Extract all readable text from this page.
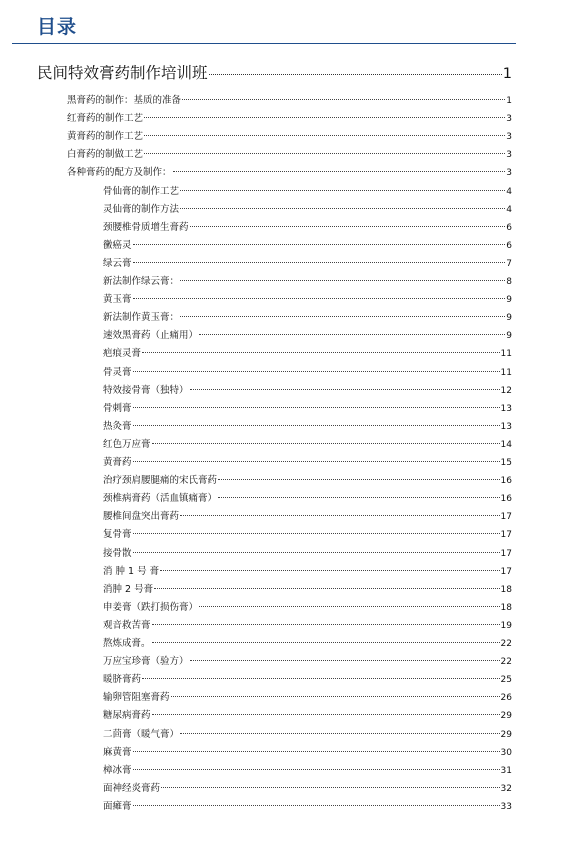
目录
民间特效膏药制作培训班	1
黑膏药的制作：基质的准备	1
红膏药的制作工艺	3
黄膏药的制作工艺	3
白膏药的制做工艺	3
各种膏药的配方及制作：	3
骨仙膏的制作工艺	4
灵仙膏的制作方法	4
颈腰椎骨质增生膏药	6
黴癌灵	6
绿云膏	7
新法制作绿云膏：	8
黄玉膏	9
新法制作黄玉膏：	9
速效黑膏药（止痛用）	9
疤痕灵膏	11
骨灵膏	11
特效接骨膏（独特）	12
骨刺膏	13
热灸膏	13
红色万应膏	14
黄膏药	15
治疗颈肩腰腿痛的宋氏膏药	16
颈椎病膏药（活血镇痛膏）	16
腰椎间盘突出膏药	17
复骨膏	17
接骨散	17
消 肿 1 号 膏	17
消肿 2 号膏	18
申姜膏（跌打损伤膏）	18
观音救苦膏	19
熬炼成膏。	22
万应宝珍膏（验方）	22
暖脐膏药	25
输卵管阻塞膏药	26
糖尿病膏药	29
二茴膏（暖气膏）	29
麻黄膏	30
樟冰膏	31
面神经炎膏药	32
面瘫膏	33
